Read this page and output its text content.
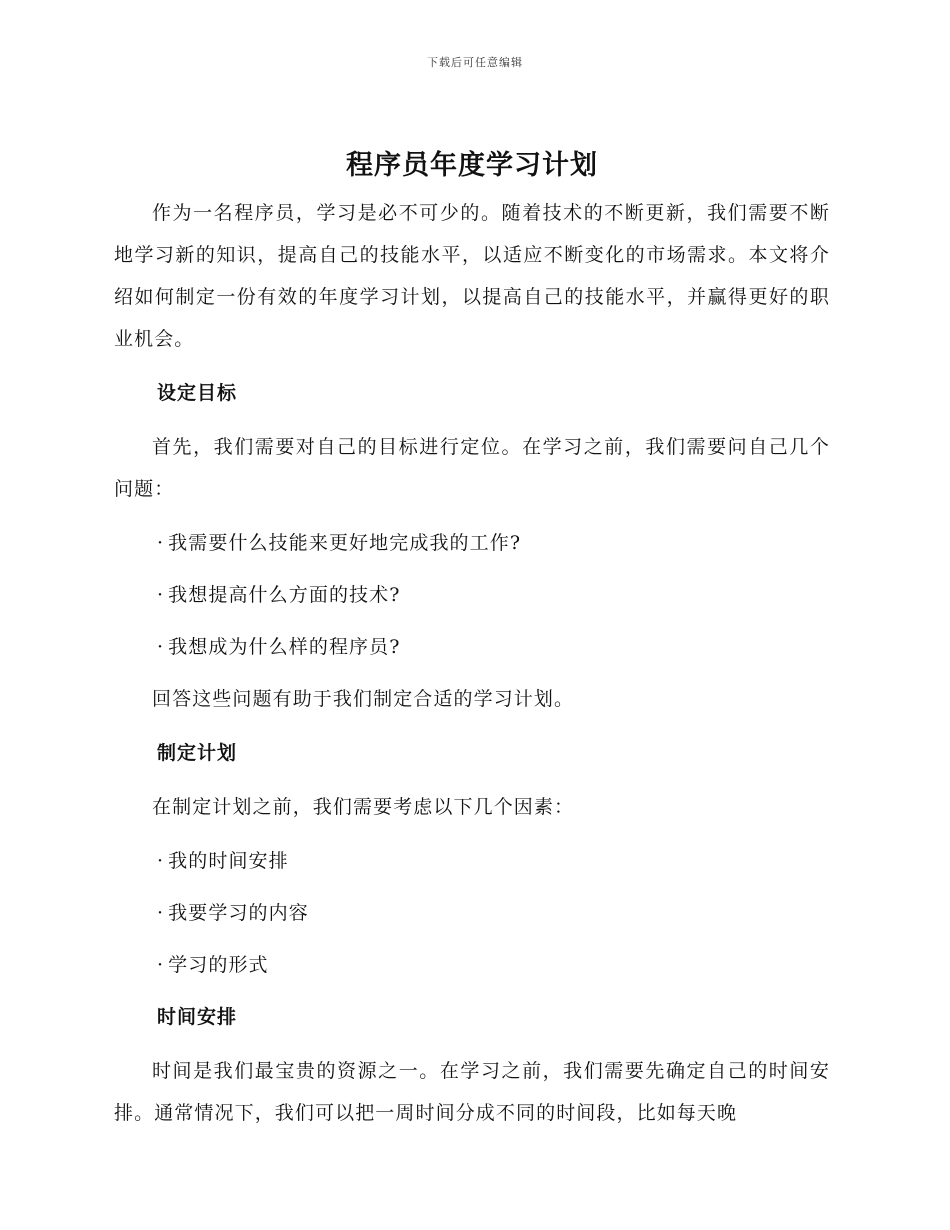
下载后可任意编辑
程序员年度学习计划

作为一名程序员，学习是必不可少的。随着技术的不断更新，我们需要不断地学习新的知识，提高自己的技能水平，以适应不断变化的市场需求。本文将介绍如何制定一份有效的年度学习计划，以提高自己的技能水平，并赢得更好的职业机会。

设定目标

首先，我们需要对自己的目标进行定位。在学习之前，我们需要问自己几个问题：

· 我需要什么技能来更好地完成我的工作?
· 我想提高什么方面的技术?
· 我想成为什么样的程序员?

回答这些问题有助于我们制定合适的学习计划。

制定计划

在制定计划之前，我们需要考虑以下几个因素：

· 我的时间安排
· 我要学习的内容
· 学习的形式
时间安排

时间是我们最宝贵的资源之一。在学习之前，我们需要先确定自己的时间安排。通常情况下，我们可以把一周时间分成不同的时间段，比如每天晚
